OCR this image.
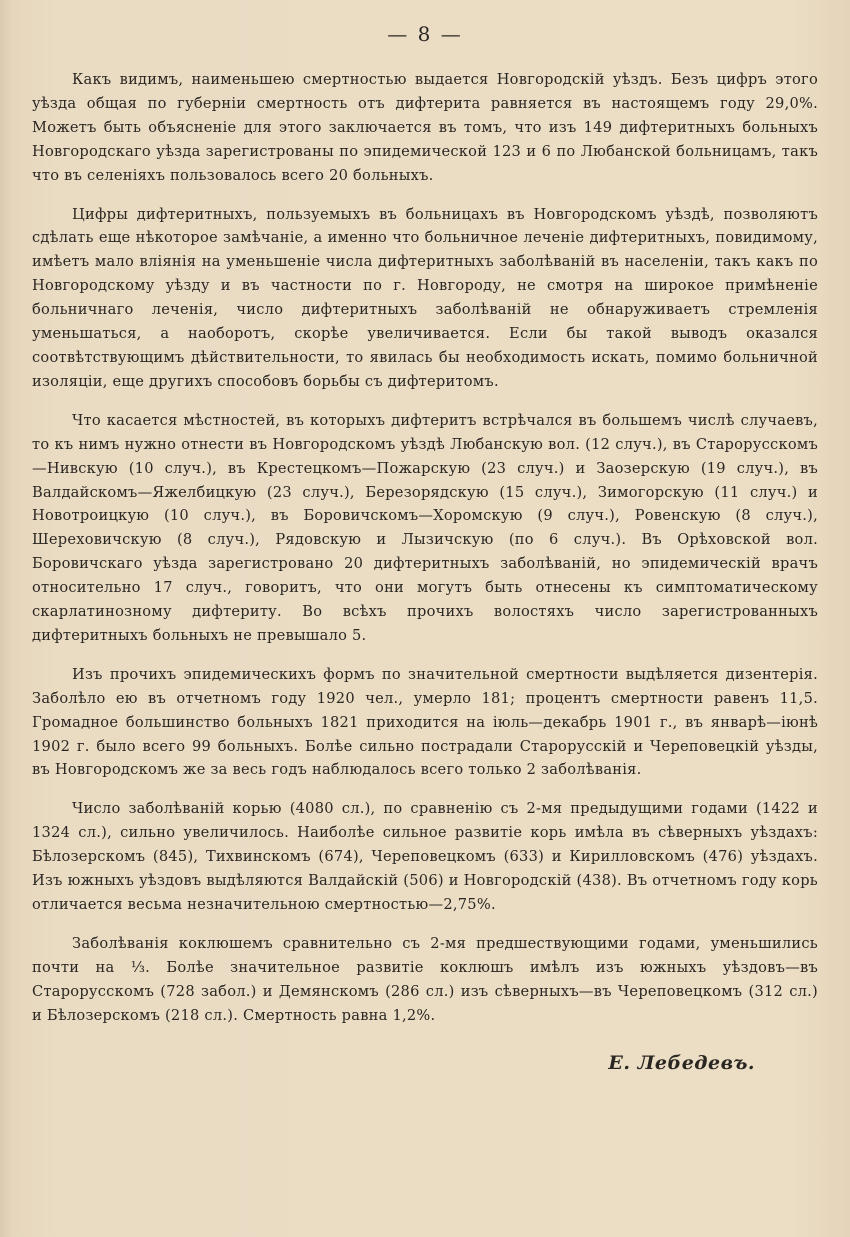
— 8 —

Какъ видимъ, наименьшею смертностью выдается Новгородскій уѣздъ. Безъ цифръ этого уѣзда общая по губерніи смертность отъ дифтерита равняется въ настоящемъ году 29,0%. Можетъ быть объясненіе для этого заключается въ томъ, что изъ 149 дифтеритныхъ больныхъ Новгородскаго уѣзда зарегистрованы по эпидемической 123 и 6 по Любанской больницамъ, такъ что въ селеніяхъ пользовалось всего 20 больныхъ.

Цифры дифтеритныхъ, пользуемыхъ въ больницахъ въ Новгородскомъ уѣздѣ, позволяютъ сдѣлать еще нѣкоторое замѣчаніе, а именно что больничное леченіе дифтеритныхъ, повидимому, имѣетъ мало вліянія на уменьшеніе числа дифтеритныхъ заболѣваній въ населеніи, такъ какъ по Новгородскому уѣзду и въ частности по г. Новгороду, не смотря на широкое примѣненіе больничнаго леченія, число дифтеритныхъ заболѣваній не обнаруживаетъ стремленія уменьшаться, а наоборотъ, скорѣе увеличивается. Если бы такой выводъ оказался соотвѣтствующимъ дѣйствительности, то явилась бы необходимость искать, помимо больничной изоляціи, еще другихъ способовъ борьбы съ дифтеритомъ.

Что касается мѣстностей, въ которыхъ дифтеритъ встрѣчался въ большемъ числѣ случаевъ, то къ нимъ нужно отнести въ Новгородскомъ уѣздѣ Любанскую вол. (12 случ.), въ Старорусскомъ—Нивскую (10 случ.), въ Крестецкомъ—Пожарскую (23 случ.) и Заозерскую (19 случ.), въ Валдайскомъ—Яжелбицкую (23 случ.), Березорядскую (15 случ.), Зимогорскую (11 случ.) и Новотроицкую (10 случ.), въ Боровичскомъ—Хоромскую (9 случ.), Ровенскую (8 случ.), Шереховичскую (8 случ.), Рядовскую и Лызичскую (по 6 случ.). Въ Орѣховской вол. Боровичскаго уѣзда зарегистровано 20 дифтеритныхъ заболѣваній, но эпидемическій врачъ относительно 17 случ., говоритъ, что они могутъ быть отнесены къ симптоматическому скарлатинозному дифтериту. Во всѣхъ прочихъ волостяхъ число зарегистрованныхъ дифтеритныхъ больныхъ не превышало 5.

Изъ прочихъ эпидемическихъ формъ по значительной смертности выдѣляется дизентерія. Заболѣло ею въ отчетномъ году 1920 чел., умерло 181; процентъ смертности равенъ 11,5. Громадное большинство больныхъ 1821 приходится на іюль—декабрь 1901 г., въ январѣ—іюнѣ 1902 г. было всего 99 больныхъ. Болѣе сильно пострадали Старорусскій и Череповецкій уѣзды, въ Новгородскомъ же за весь годъ наблюдалось всего только 2 заболѣванія.

Число заболѣваній корью (4080 сл.), по сравненію съ 2-мя предыдущими годами (1422 и 1324 сл.), сильно увеличилось. Наиболѣе сильное развитіе корь имѣла въ сѣверныхъ уѣздахъ: Бѣлозерскомъ (845), Тихвинскомъ (674), Череповецкомъ (633) и Кирилловскомъ (476) уѣздахъ. Изъ южныхъ уѣздовъ выдѣляются Валдайскій (506) и Новгородскій (438). Въ отчетномъ году корь отличается весьма незначительною смертностью—2,75%.

Заболѣванія коклюшемъ сравнительно съ 2-мя предшествующими годами, уменьшились почти на ⅓. Болѣе значительное развитіе коклюшъ имѣлъ изъ южныхъ уѣздовъ—въ Старорусскомъ (728 забол.) и Демянскомъ (286 сл.) изъ сѣверныхъ—въ Череповецкомъ (312 сл.) и Бѣлозерскомъ (218 сл.). Смертность равна 1,2%.

Е. Лебедевъ.
